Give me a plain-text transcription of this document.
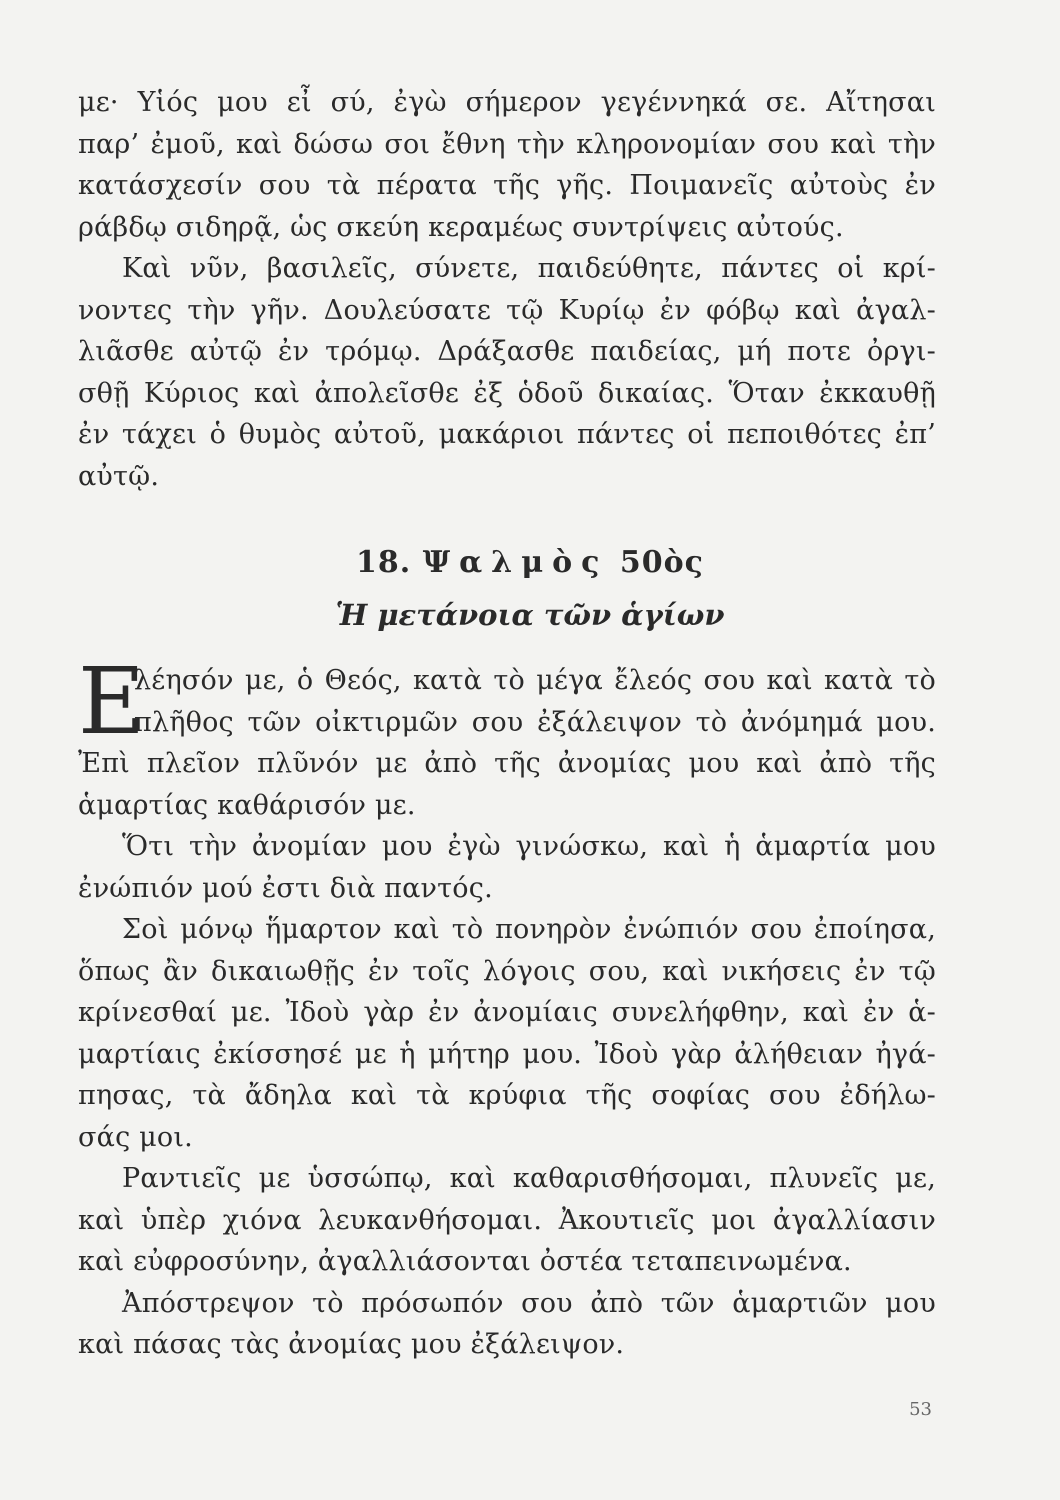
με· Υἱός μου εἶ σύ, ἐγὼ σήμερον γεγέννηκά σε. Αἴτησαι
παρ’ ἐμοῦ, καὶ δώσω σοι ἔθνη τὴν κληρονομίαν σου καὶ τὴν
κατάσχεσίν σου τὰ πέρατα τῆς γῆς. Ποιμανεῖς αὐτοὺς ἐν
ράβδῳ σιδηρᾷ, ὡς σκεύη κεραμέως συντρίψεις αὐτούς.
Καὶ νῦν, βασιλεῖς, σύνετε, παιδεύθητε, πάντες οἱ κρί-
νοντες τὴν γῆν. Δουλεύσατε τῷ Κυρίῳ ἐν φόβῳ καὶ ἀγαλ-
λιᾶσθε αὐτῷ ἐν τρόμῳ. Δράξασθε παιδείας, μή ποτε ὀργι-
σθῇ Κύριος καὶ ἀπολεῖσθε ἐξ ὁδοῦ δικαίας. Ὅταν ἐκκαυθῇ
ἐν τάχει ὁ θυμὸς αὐτοῦ, μακάριοι πάντες οἱ πεποιθότες ἐπ’
αὐτῷ.
18. Ψαλμὸς 50ὸς
Ἡ μετάνοια τῶν ἁγίων
Ε
λέησόν με, ὁ Θεός, κατὰ τὸ μέγα ἔλεός σου καὶ κατὰ τὸ
πλῆθος τῶν οἰκτιρμῶν σου ἐξάλειψον τὸ ἀνόμημά μου.
Ἐπὶ πλεῖον πλῦνόν με ἀπὸ τῆς ἀνομίας μου καὶ ἀπὸ τῆς
ἁμαρτίας καθάρισόν με.
Ὅτι τὴν ἀνομίαν μου ἐγὼ γινώσκω, καὶ ἡ ἁμαρτία μου
ἐνώπιόν μού ἐστι διὰ παντός.
Σοὶ μόνῳ ἥμαρτον καὶ τὸ πονηρὸν ἐνώπιόν σου ἐποίησα,
ὅπως ἂν δικαιωθῇς ἐν τοῖς λόγοις σου, καὶ νικήσεις ἐν τῷ
κρίνεσθαί με. Ἰδοὺ γὰρ ἐν ἀνομίαις συνελήφθην, καὶ ἐν ἁ-
μαρτίαις ἐκίσσησέ με ἡ μήτηρ μου. Ἰδοὺ γὰρ ἀλήθειαν ἠγά-
πησας, τὰ ἄδηλα καὶ τὰ κρύφια τῆς σοφίας σου ἐδήλω-
σάς μοι.
Ραντιεῖς με ὑσσώπῳ, καὶ καθαρισθήσομαι, πλυνεῖς με,
καὶ ὑπὲρ χιόνα λευκανθήσομαι. Ἀκουτιεῖς μοι ἀγαλλίασιν
καὶ εὐφροσύνην, ἀγαλλιάσονται ὀστέα τεταπεινωμένα.
Ἀπόστρεψον τὸ πρόσωπόν σου ἀπὸ τῶν ἁμαρτιῶν μου
καὶ πάσας τὰς ἀνομίας μου ἐξάλειψον.
53
